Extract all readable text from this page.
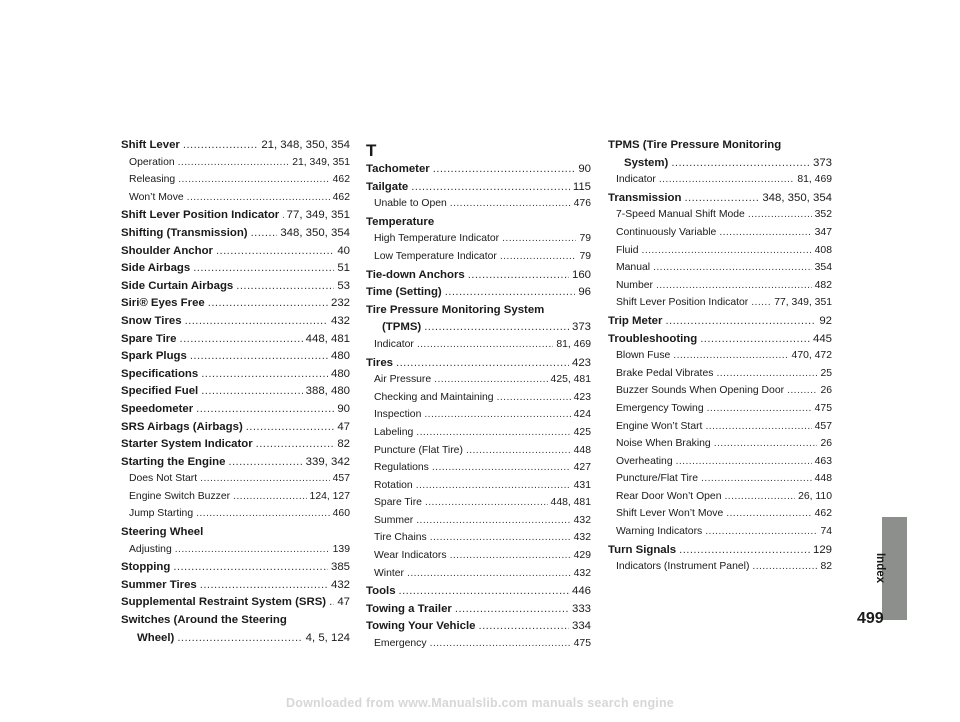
Shift Lever .....	21, 348, 350, 354
Operation .....	21, 349, 351
Releasing .....	462
Won’t Move .....	462
Shift Lever Position Indicator ..... 77, 349, 351
Shifting (Transmission) .....	348, 350, 354
Shoulder Anchor .....	40
Side Airbags .....	51
Side Curtain Airbags .....	53
Siri® Eyes Free .....	232
Snow Tires .....	432
Spare Tire .....	448, 481
Spark Plugs .....	480
Specifications .....	480
Specified Fuel .....	388, 480
Speedometer .....	90
SRS Airbags (Airbags) .....	47
Starter System Indicator .....	82
Starting the Engine .....	339, 342
Does Not Start .....	457
Engine Switch Buzzer .....	124, 127
Jump Starting .....	460
Steering Wheel
Adjusting .....	139
Stopping .....	385
Summer Tires .....	432
Supplemental Restraint System (SRS) ..... 47
Switches (Around the Steering
Wheel) .....	4, 5, 124
T
Tachometer .....	90
Tailgate .....	115
Unable to Open .....	476
Temperature
High Temperature Indicator .....	79
Low Temperature Indicator .....	79
Tie-down Anchors .....	160
Time (Setting) .....	96
Tire Pressure Monitoring System
(TPMS) .....	373
Indicator .....	81, 469
Tires .....	423
Air Pressure .....	425, 481
Checking and Maintaining .....	423
Inspection .....	424
Labeling .....	425
Puncture (Flat Tire) .....	448
Regulations .....	427
Rotation .....	431
Spare Tire .....	448, 481
Summer .....	432
Tire Chains .....	432
Wear Indicators .....	429
Winter .....	432
Tools .....	446
Towing a Trailer .....	333
Towing Your Vehicle .....	334
Emergency .....	475
TPMS (Tire Pressure Monitoring
System) .....	373
Indicator .....	81, 469
Transmission .....	348, 350, 354
7-Speed Manual Shift Mode .....	352
Continuously Variable .....	347
Fluid .....	408
Manual .....	354
Number .....	482
Shift Lever Position Indicator ..... 77, 349, 351
Trip Meter .....	92
Troubleshooting .....	445
Blown Fuse .....	470, 472
Brake Pedal Vibrates .....	25
Buzzer Sounds When Opening Door .....	26
Emergency Towing .....	475
Engine Won’t Start .....	457
Noise When Braking .....	26
Overheating .....	463
Puncture/Flat Tire .....	448
Rear Door Won’t Open .....	26, 110
Shift Lever Won’t Move .....	462
Warning Indicators .....	74
Turn Signals .....	129
Indicators (Instrument Panel) .....	82	Index
499
Downloaded from www.Manualslib.com manuals search engine
